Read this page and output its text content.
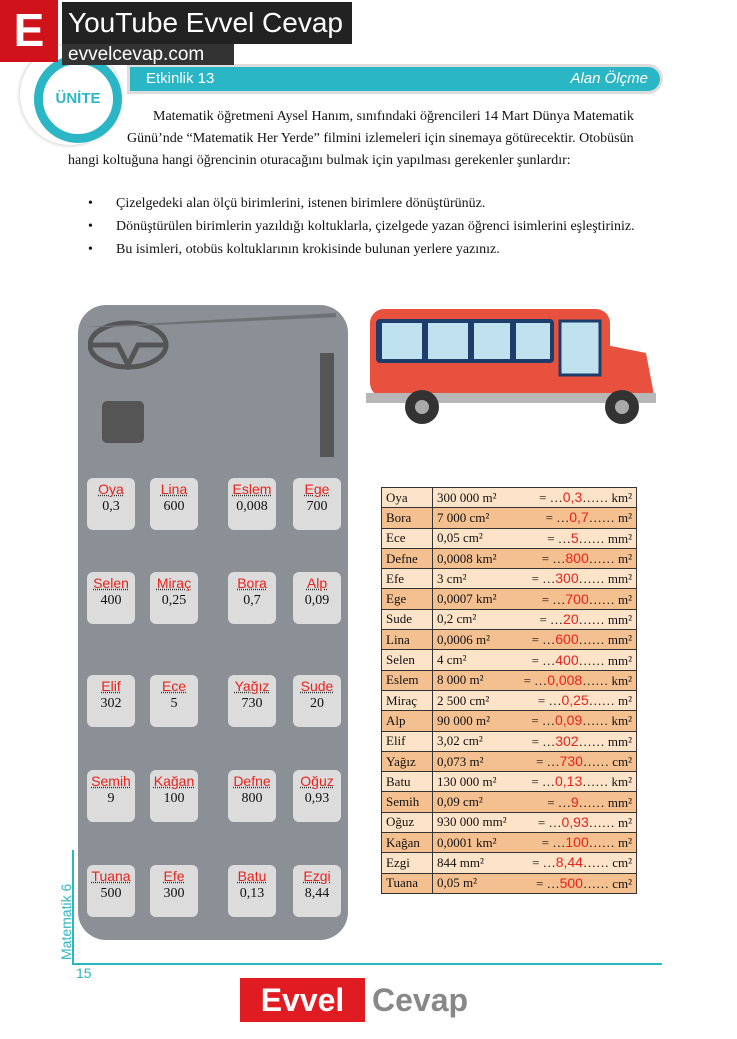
ÜNİTE
Etkinlik 13	Alan Ölçme
E YouTube Evvel Cevap
evvelcevap.com
Matematik öğretmeni Aysel Hanım, sınıfındaki öğrencileri 14 Mart Dünya Matematik
Günü’nde “Matematik Her Yerde” filmini izlemeleri için sinemaya götürecektir. Otobüsün
hangi koltuğuna hangi öğrencinin oturacağını bulmak için yapılması gerekenler şunlardır:
• Çizelgedeki alan ölçü birimlerini, istenen birimlere dönüştürünüz.
• Dönüştürülen birimlerin yazıldığı koltuklarla, çizelgede yazan öğrenci isimlerini eşleştiriniz.
• Bu isimleri, otobüs koltuklarının krokisinde bulunan yerlere yazınız.
Oya
0,3
Lina
600
Eslem
0,008
Ege
700
Selen
400
Miraç
0,25
Bora
0,7
Alp
0,09
Elif
302
Ece
5
Yağız
730
Sude
20
Semih
9
Kağan
100
Defne
800
Oğuz
0,93
Tuana
500
Efe
300
Batu
0,13
Ezgi
8,44
Oya	300 000 m²	= …0,3…… km²
Bora	7 000 cm²	= …0,7…… m²
Ece	0,05 cm²	= …5…… mm²
Defne	0,0008 km²	= …800…… m²
Efe	3 cm²	= …300…… mm²
Ege	0,0007 km²	= …700…… m²
Sude	0,2 cm²	= …20…… mm²
Lina	0,0006 m²	= …600…… mm²
Selen	4 cm²	= …400…… mm²
Eslem	8 000 m²	= …0,008…… km²
Miraç	2 500 cm²	= …0,25…… m²
Alp	90 000 m²	= …0,09…… km²
Elif	3,02 cm²	= …302…… mm²
Yağız	0,073 m²	= …730…… cm²
Batu	130 000 m²	= …0,13…… km²
Semih	0,09 cm²	= …9…… mm²
Oğuz	930 000 mm²	= …0,93…… m²
Kağan	0,0001 km²	= …100…… m²
Ezgi	844 mm²	= …8,44…… cm²
Tuana	0,05 m²	= …500…… cm²
Matematik 6
15
Evvel Cevap
